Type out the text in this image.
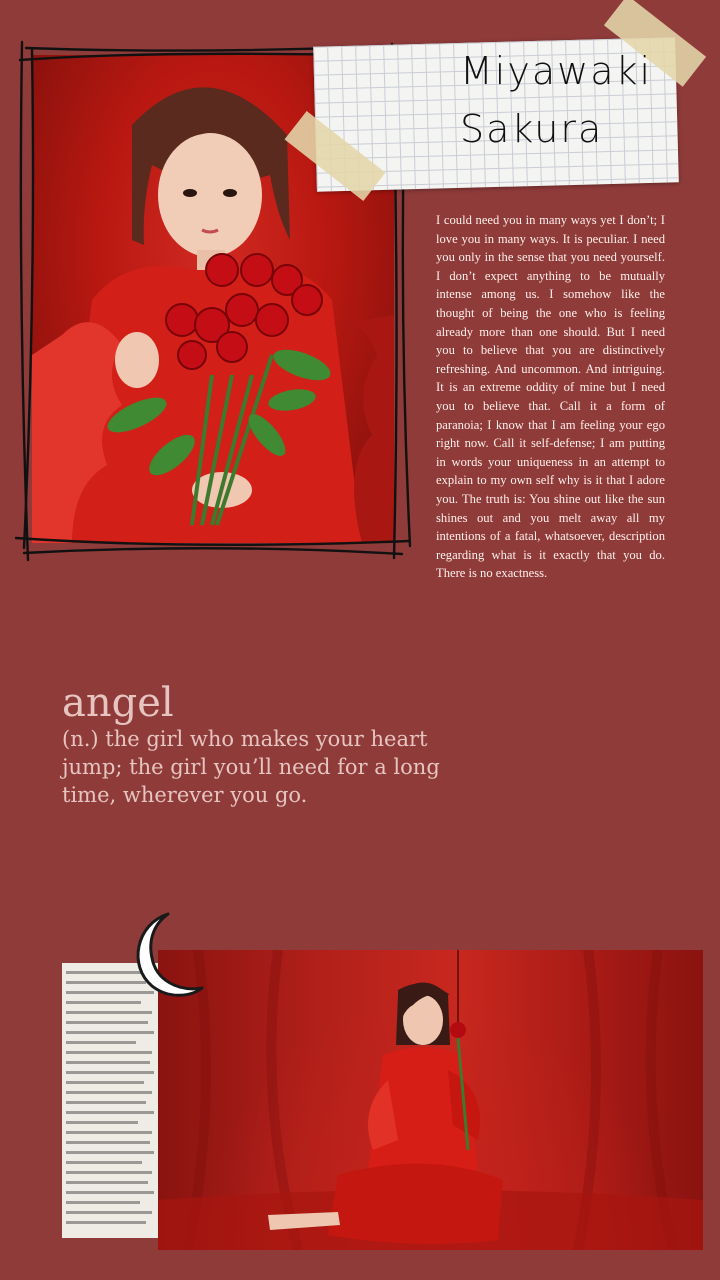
Miyawaki
Sakura

I could need you in many ways yet I don’t; I love you in many ways. It is peculiar. I need you only in the sense that you need yourself. I don’t expect anything to be mutually intense among us. I somehow like the thought of being the one who is feeling already more than one should. But I need you to believe that you are distinctively refreshing. And uncommon. And intriguing. It is an extreme oddity of mine but I need you to believe that. Call it a form of paranoia; I know that I am feeling your ego right now. Call it self-defense; I am putting in words your uniqueness in an attempt to explain to my own self why is it that I adore you. The truth is: You shine out like the sun shines out and you melt away all my intentions of a fatal, whatsoever, description regarding what is it exactly that you do. There is no exactness.

angel

(n.) the girl who makes your heart jump; the girl you’ll need for a long time, wherever you go.
